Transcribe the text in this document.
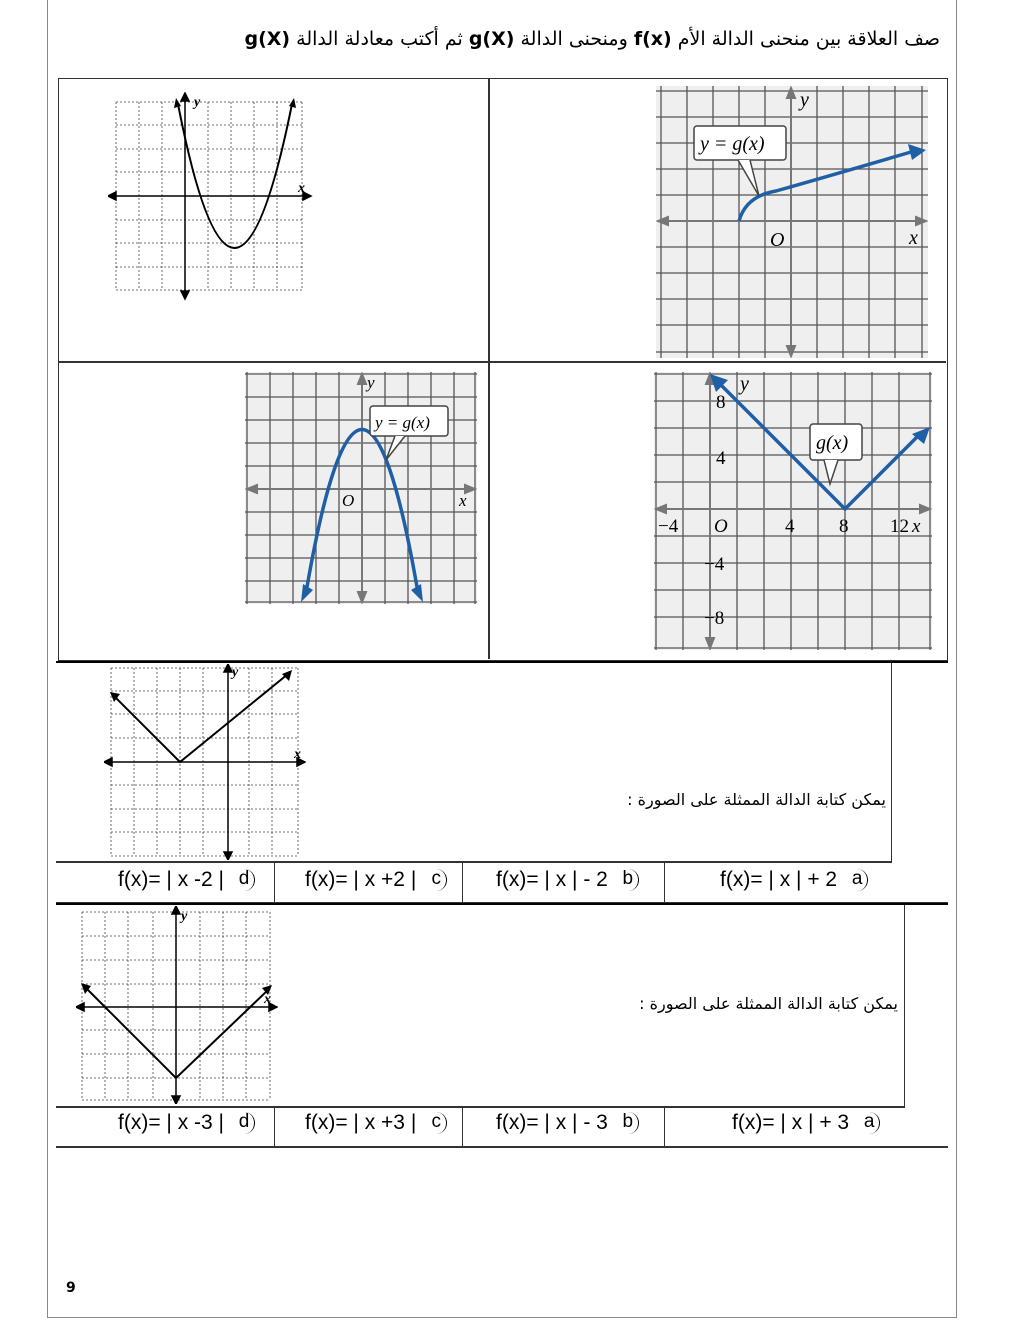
صف العلاقة بين منحنى الدالة الأم f(x) ومنحنى الدالة g(X) ثم أكتب معادلة الدالة g(X)
y
x
y = g(x)
O	x
y
y = g(x)
O	x
y
g(x)
y
−4 O	4 8 12 x
8
4
−4
−8
y
x
يمكن كتابة الدالة الممثلة على الصورة :
f(x)= | x | + 2 a
f(x)= | x | - 2 b
f(x)= | x +2 | c
f(x)= | x -2 | d
y
x	يمكن كتابة الدالة الممثلة على الصورة :
f(x)= | x | + 3 a
f(x)= | x | - 3 b
f(x)= | x +3 | c
f(x)= | x -3 | d
9
